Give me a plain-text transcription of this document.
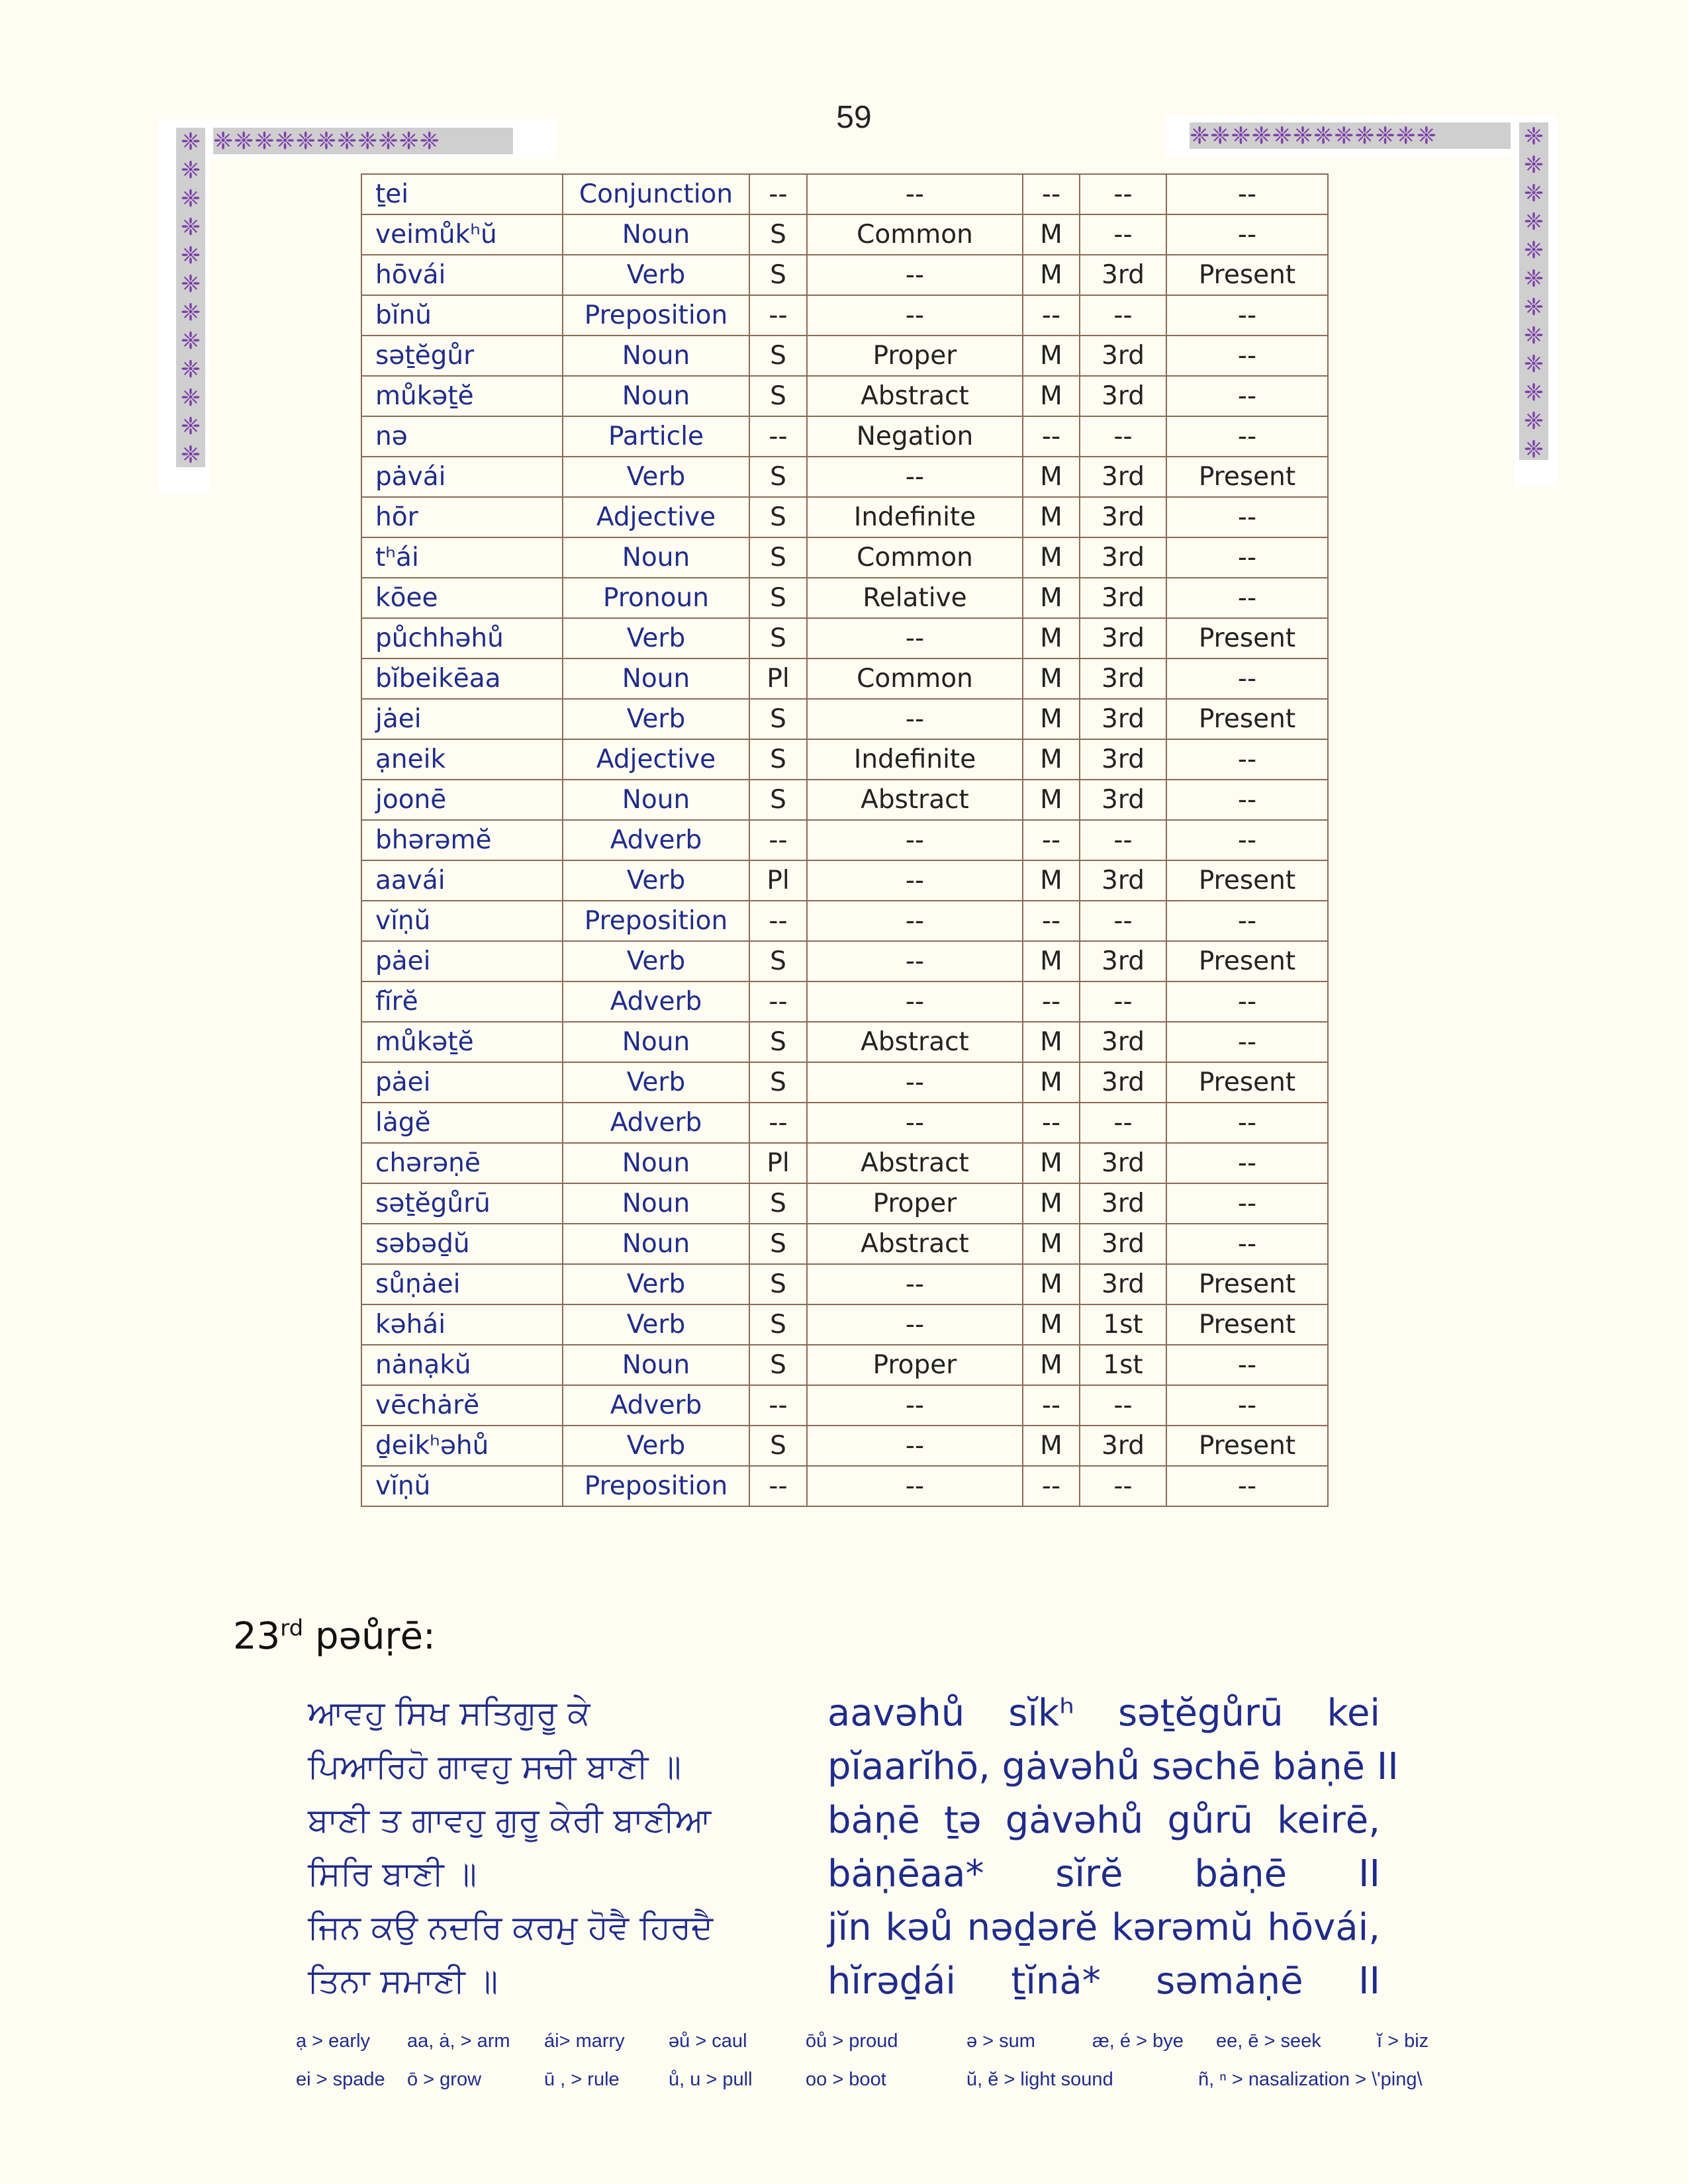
59
❈❈❈❈❈❈❈❈❈❈❈
❈
❈
❈
❈
❈
❈
❈
❈
❈
❈
❈
❈
❈❈❈❈❈❈❈❈❈❈❈❈	❈
❈
❈
❈
❈
❈
❈
❈
❈
❈
❈
❈
ṯei	Conjunction	--	--	--	--	--
veimůkʰŭ	Noun	S	Common	M	--	--
hōvái	Verb	S	--	M	3rd	Present
bĭnŭ	Preposition	--	--	--	--	--
səṯĕgůr	Noun	S	Proper	M	3rd	--
můkəṯĕ	Noun	S	Abstract	M	3rd	--
nə	Particle	--	Negation	--	--	--
pȧvái	Verb	S	--	M	3rd	Present
hōr	Adjective	S	Indefinite	M	3rd	--
tʰái	Noun	S	Common	M	3rd	--
kōee	Pronoun	S	Relative	M	3rd	--
půchhəhů	Verb	S	--	M	3rd	Present
bĭbeikēaa	Noun	Pl	Common	M	3rd	--
jȧei	Verb	S	--	M	3rd	Present
ạneik	Adjective	S	Indefinite	M	3rd	--
joonē	Noun	S	Abstract	M	3rd	--
bhərəmĕ	Adverb	--	--	--	--	--
aavái	Verb	Pl	--	M	3rd	Present
vĭṇŭ	Preposition	--	--	--	--	--
pȧei	Verb	S	--	M	3rd	Present
fĭrĕ	Adverb	--	--	--	--	--
můkəṯĕ	Noun	S	Abstract	M	3rd	--
pȧei	Verb	S	--	M	3rd	Present
lȧgĕ	Adverb	--	--	--	--	--
chərəṇē	Noun	Pl	Abstract	M	3rd	--
səṯĕgůrū	Noun	S	Proper	M	3rd	--
səbəḏŭ	Noun	S	Abstract	M	3rd	--
sůṇȧei	Verb	S	--	M	3rd	Present
kəhái	Verb	S	--	M	1st	Present
nȧnạkŭ	Noun	S	Proper	M	1st	--
vēchȧrĕ	Adverb	--	--	--	--	--
ḏeikʰəhů	Verb	S	--	M	3rd	Present
vĭṇŭ	Preposition	--	--	--	--	--
23rd pəůṛē:
ਆਵਹੁ ਸਿਖ ਸਤਿਗੁਰੂ ਕੇ
ਪਿਆਰਿਹੋ ਗਾਵਹੁ ਸਚੀ ਬਾਣੀ ॥
ਬਾਣੀ ਤ ਗਾਵਹੁ ਗੁਰੂ ਕੇਰੀ ਬਾਣੀਆ
ਸਿਰਿ ਬਾਣੀ ॥
ਜਿਨ ਕਉ ਨਦਰਿ ਕਰਮੁ ਹੋਵੈ ਹਿਰਦੈ
ਤਿਨਾ ਸਮਾਣੀ ॥
aavəhů sĭkʰ səṯĕgůrū kei
pĭaarĭhō, gȧvəhů səchē bȧṇē II
bȧṇē ṯə gȧvəhů gůrū keirē,
bȧṇēaa* sĭrĕ bȧṇē II
jĭn kəů nəḏərĕ kərəmŭ hōvái,
hĭrəḏái ṯĭnȧ* səmȧṇē II
ạ > early aa, ȧ, > arm ái> marry əů > caul	ōů > proud	ə > sum	æ, é > bye ee, ē > seek	ĭ > biz
ei > spade ō > grow	ū , > rule	ů, u > pull	oo > boot	ŭ, ĕ > light sound	ñ, ⁿ > nasalization > \'ping\
